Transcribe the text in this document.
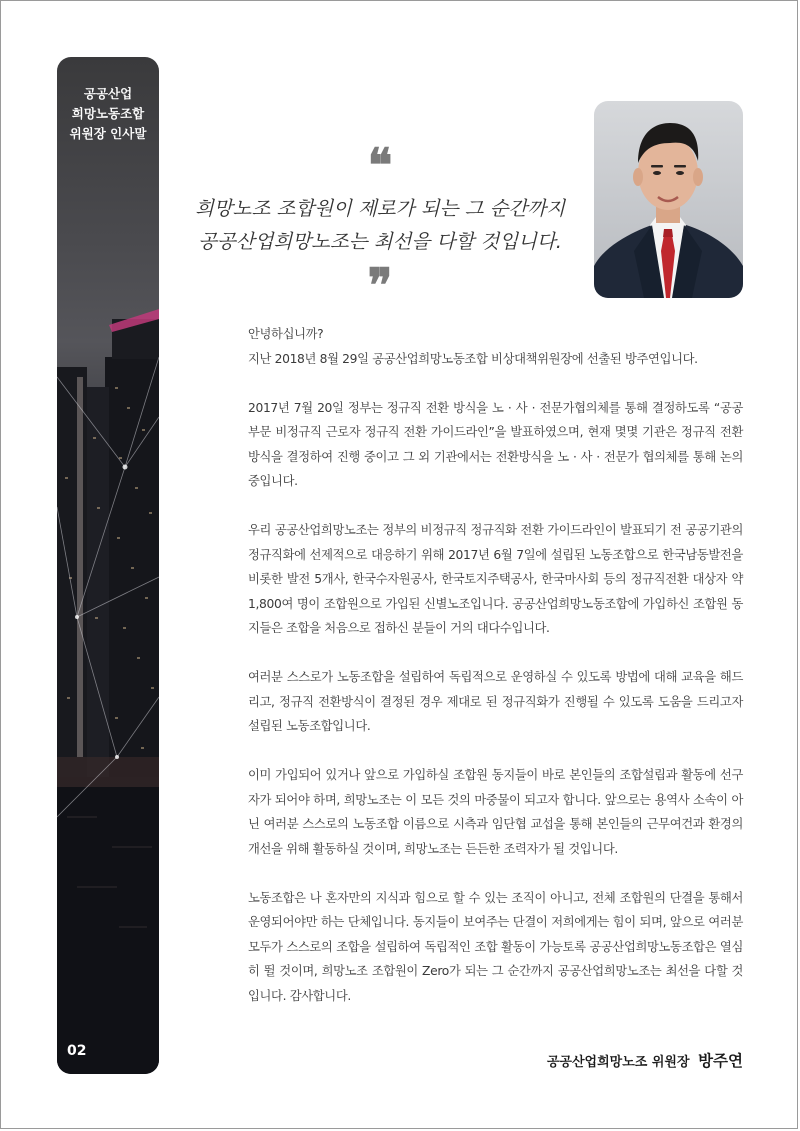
공공산업
희망노동조합
위원장 인사말
02
❝
희망노조 조합원이 제로가 되는 그 순간까지
공공산업희망노조는 최선을 다할 것입니다.
❞

안녕하십니까?
지난 2018년 8월 29일 공공산업희망노동조합 비상대책위원장에 선출된 방주연입니다.

2017년 7월 20일 정부는 정규직 전환 방식을 노 · 사 · 전문가협의체를 통해 결정하도록 “공공 부문 비정규직 근로자 정규직 전환 가이드라인”을 발표하였으며, 현재 몇몇 기관은 정규직 전환방식을 결정하여 진행 중이고 그 외 기관에서는 전환방식을 노 · 사 · 전문가 협의체를 통해 논의 중입니다.

우리 공공산업희망노조는 정부의 비정규직 정규직화 전환 가이드라인이 발표되기 전 공공기관의 정규직화에 선제적으로 대응하기 위해 2017년 6월 7일에 설립된 노동조합으로 한국남동발전을 비롯한 발전 5개사, 한국수자원공사, 한국토지주택공사, 한국마사회 등의 정규직전환 대상자 약 1,800여 명이 조합원으로 가입된 신별노조입니다. 공공산업희망노동조합에 가입하신 조합원 동지들은 조합을 처음으로 접하신 분들이 거의 대다수입니다.

여러분 스스로가 노동조합을 설립하여 독립적으로 운영하실 수 있도록 방법에 대해 교육을 해드리고, 정규직 전환방식이 결정된 경우 제대로 된 정규직화가 진행될 수 있도록 도움을 드리고자 설립된 노동조합입니다.

이미 가입되어 있거나 앞으로 가입하실 조합원 동지들이 바로 본인들의 조합설립과 활동에 선구자가 되어야 하며, 희망노조는 이 모든 것의 마중물이 되고자 합니다. 앞으로는 용역사 소속이 아닌 여러분 스스로의 노동조합 이름으로 시측과 임단협 교섭을 통해 본인들의 근무여건과 환경의 개선을 위해 활동하실 것이며, 희망노조는 든든한 조력자가 될 것입니다.

노동조합은 나 혼자만의 지식과 힘으로 할 수 있는 조직이 아니고, 전체 조합원의 단결을 통해서 운영되어야만 하는 단체입니다. 동지들이 보여주는 단결이 저희에게는 힘이 되며, 앞으로 여러분 모두가 스스로의 조합을 설립하여 독립적인 조합 활동이 가능토록 공공산업희망노동조합은 열심히 뛸 것이며, 희망노조 조합원이 Zero가 되는 그 순간까지 공공산업희망노조는 최선을 다할 것입니다. 감사합니다.

공공산업희망노조 위원장 방주연
